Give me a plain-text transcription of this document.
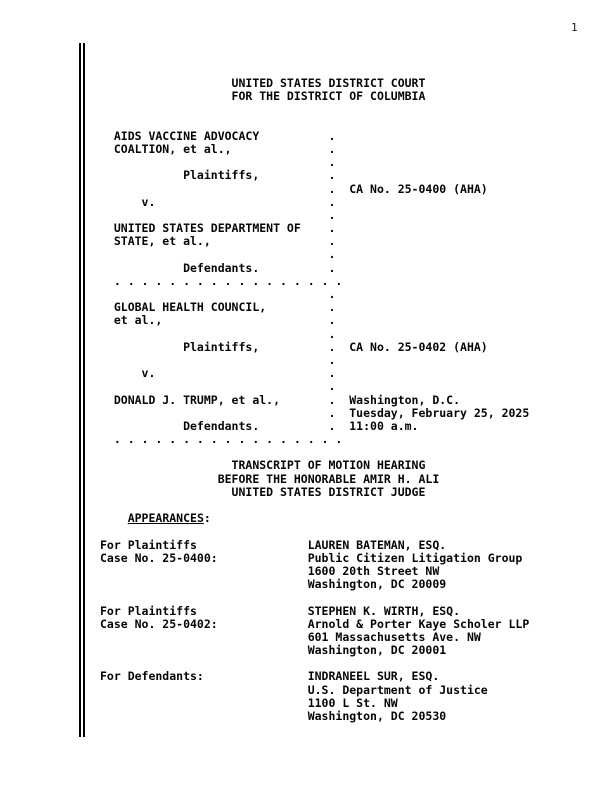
1
UNITED STATES DISTRICT COURT
FOR THE DISTRICT OF COLUMBIA
AIDS VACCINE ADVOCACY          .
COALTION, et al.,              .
.
Plaintiffs,          .
.  CA No. 25-0400 (AHA)
v.                         .
.
UNITED STATES DEPARTMENT OF    .
STATE, et al.,                 .
.
Defendants.          .
. . . . . . . . . . . . . . . . .
.
GLOBAL HEALTH COUNCIL,         .
et al.,                        .
.
Plaintiffs,          .  CA No. 25-0402 (AHA)
.
v.                         .
.
DONALD J. TRUMP, et al.,       .  Washington, D.C.
.  Tuesday, February 25, 2025
Defendants.          .  11:00 a.m.
. . . . . . . . . . . . . . . . .
TRANSCRIPT OF MOTION HEARING
BEFORE THE HONORABLE AMIR H. ALI
UNITED STATES DISTRICT JUDGE
APPEARANCES:
For Plaintiffs                LAUREN BATEMAN, ESQ.
Case No. 25-0400:             Public Citizen Litigation Group
1600 20th Street NW
Washington, DC 20009
For Plaintiffs                STEPHEN K. WIRTH, ESQ.
Case No. 25-0402:             Arnold & Porter Kaye Scholer LLP
601 Massachusetts Ave. NW
Washington, DC 20001
For Defendants:               INDRANEEL SUR, ESQ.
U.S. Department of Justice
1100 L St. NW
Washington, DC 20530
